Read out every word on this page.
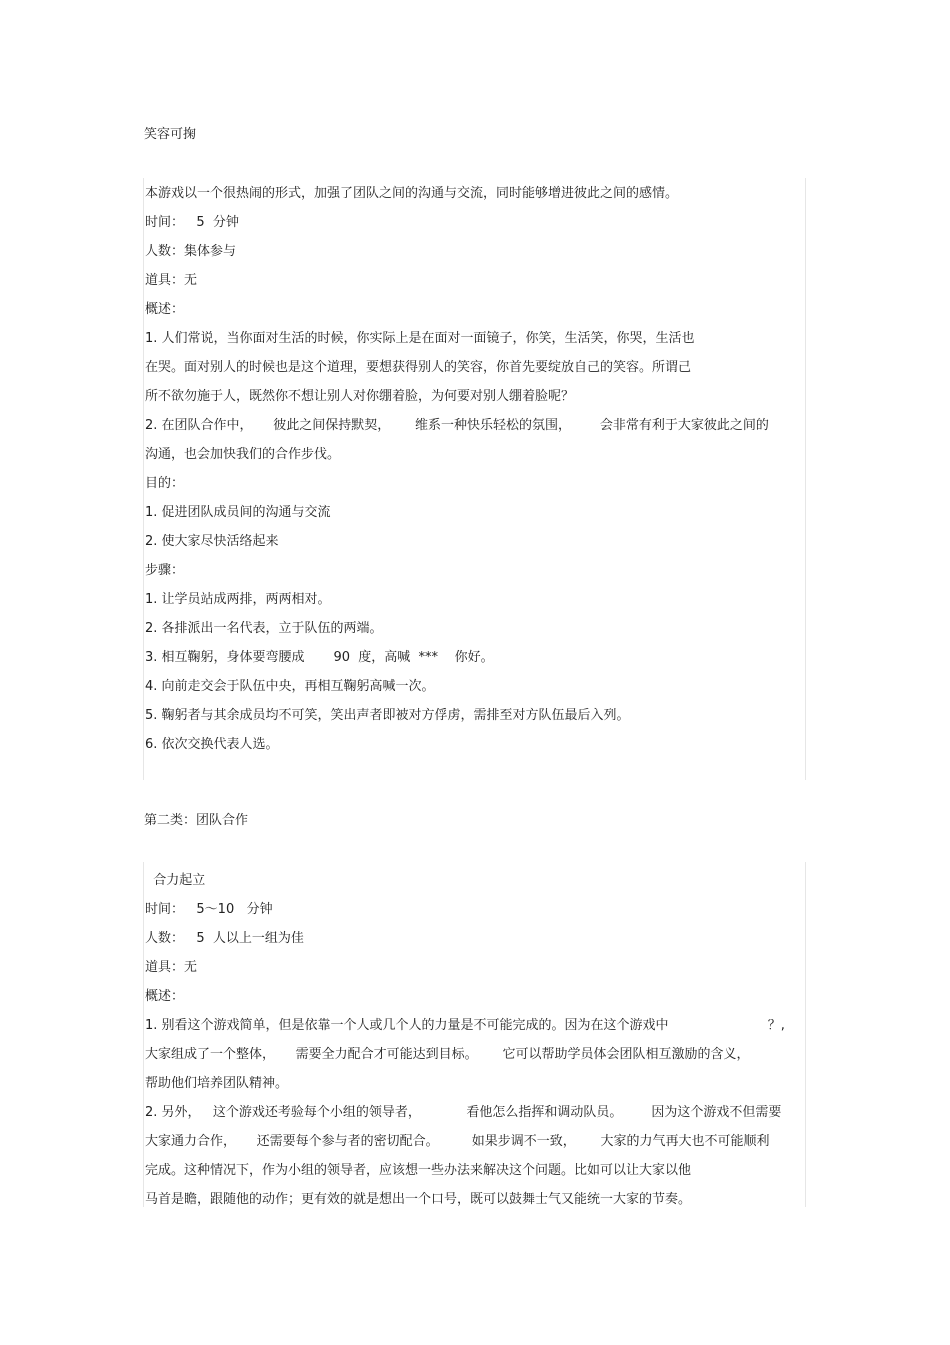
笑容可掬

本游戏以一个很热闹的形式，加强了团队之间的沟通与交流，同时能够增进彼此之间的感情。

时间：   5  分钟

人数：集体参与

道具：无

概述：

1. 人们常说，当你面对生活的时候，你实际上是在面对一面镜子，你笑，生活笑，你哭，生活也

在哭。面对别人的时候也是这个道理，要想获得别人的笑容，你首先要绽放自己的笑容。所谓己

所不欲勿施于人，既然你不想让别人对你绷着脸，为何要对别人绷着脸呢？

2. 在团队合作中，     彼此之间保持默契，      维系一种快乐轻松的氛围，       会非常有利于大家彼此之间的

沟通，也会加快我们的合作步伐。

目的：

1. 促进团队成员间的沟通与交流

2. 使大家尽快活络起来

步骤：

1. 让学员站成两排，两两相对。

2. 各排派出一名代表，立于队伍的两端。

3. 相互鞠躬，身体要弯腰成       90  度，高喊  ***    你好。

4. 向前走交会于队伍中央，再相互鞠躬高喊一次。

5. 鞠躬者与其余成员均不可笑，笑出声者即被对方俘虏，需排至对方队伍最后入列。

6. 依次交换代表人选。

第二类：团队合作

合力起立

时间：   5～10   分钟

人数：   5  人以上一组为佳

道具：无

概述：

1. 别看这个游戏简单，但是依靠一个人或几个人的力量是不可能完成的。因为在这个游戏中                        ？,

大家组成了一个整体，     需要全力配合才可能达到目标。      它可以帮助学员体会团队相互激励的含义，

帮助他们培养团队精神。

2. 另外，   这个游戏还考验每个小组的领导者，           看他怎么指挥和调动队员。       因为这个游戏不但需要

大家通力合作，     还需要每个参与者的密切配合。        如果步调不一致，      大家的力气再大也不可能顺利

完成。这种情况下，作为小组的领导者，应该想一些办法来解决这个问题。比如可以让大家以他

马首是瞻，跟随他的动作；更有效的就是想出一个口号，既可以鼓舞士气又能统一大家的节奏。
